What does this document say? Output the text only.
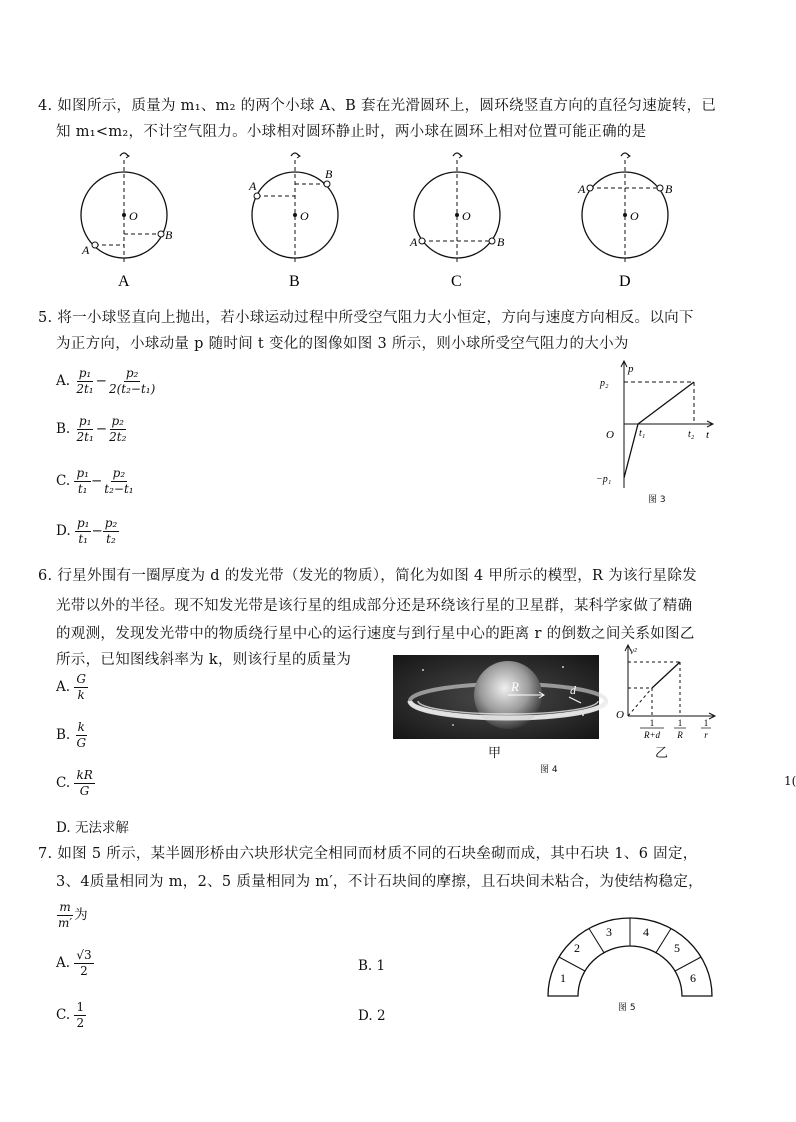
4. 如图所示，质量为 m₁、m₂ 的两个小球 A、B 套在光滑圆环上，圆环绕竖直方向的直径匀速旋转，已
知 m₁<m₂，不计空气阻力。小球相对圆环静止时，两小球在圆环上相对位置可能正确的是
O
B
A
A
O
B
A
B
O
A	B
C
O
A	B
D
5. 将一小球竖直向上抛出，若小球运动过程中所受空气阻力大小恒定，方向与速度方向相反。以向下
为正方向，小球动量 p 随时间 t 变化的图像如图 3 所示，则小球所受空气阻力的大小为
A. $\frac{\text{p₁}}{\text{2t₁}} - \frac{\text{p₂}}{\text{2(t₂−t₁)}}$
B. $\frac{\text{p₁}}{\text{2t₁}} - \frac{\text{p₂}}{\text{2t₂}}$
C. $\frac{\text{p₁}}{\text{t₁}} - \frac{\text{p₂}}{\text{t₂−t₁}}$
D. $\frac{\text{p₁}}{\text{t₁}} - \frac{\text{p₂}}{\text{t₂}}$
p
t
O
p₂
−p₁
t₁	t₂
图 3
6. 行星外围有一圈厚度为 d 的发光带（发光的物质），简化为如图 4 甲所示的模型，R 为该行星除发
光带以外的半径。现不知发光带是该行星的组成部分还是环绕该行星的卫星群，某科学家做了精确
的观测，发现发光带中的物质绕行星中心的运行速度与到行星中心的距离 r 的倒数之间关系如图乙
所示，已知图线斜率为 k，则该行星的质量为
A. $\frac{G}{k}$
B. $\frac{k}{G}$
C. $\frac{kR}{G}$
D. 无法求解
R	d
甲
v²
O
1
R+d
1
R
1
r
乙
图 4
1(
7. 如图 5 所示，某半圆形桥由六块形状完全相同而材质不同的石块垒砌而成，其中石块 1、6 固定，
3、4质量相同为 m，2、5 质量相同为 m′，不计石块间的摩擦，且石块间未粘合，为使结构稳定，
$\frac{m}{m'}$ 为
A. $\frac{√3}{2}$	B. 1
C. $\frac{1}{2}$	D. 2
1
2
3	4
5
6
图 5
